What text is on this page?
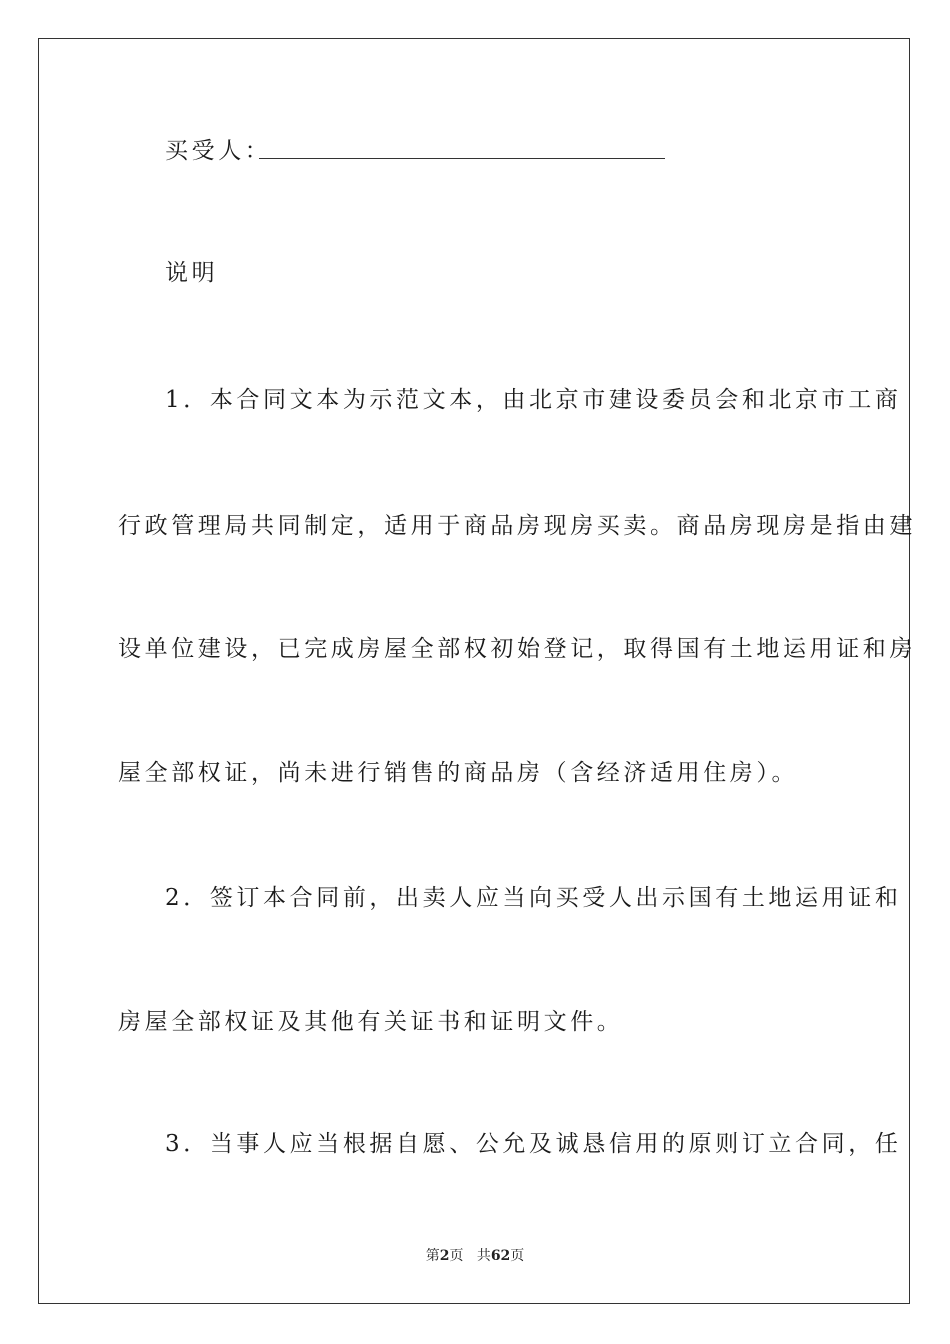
买受人：
说明
1．本合同文本为示范文本，由北京市建设委员会和北京市工商
行政管理局共同制定，适用于商品房现房买卖。商品房现房是指由建
设单位建设，已完成房屋全部权初始登记，取得国有土地运用证和房
屋全部权证，尚未进行销售的商品房（含经济适用住房）。
2．签订本合同前，出卖人应当向买受人出示国有土地运用证和
房屋全部权证及其他有关证书和证明文件。
3．当事人应当根据自愿、公允及诚恳信用的原则订立合同，任
第2页 共62页
